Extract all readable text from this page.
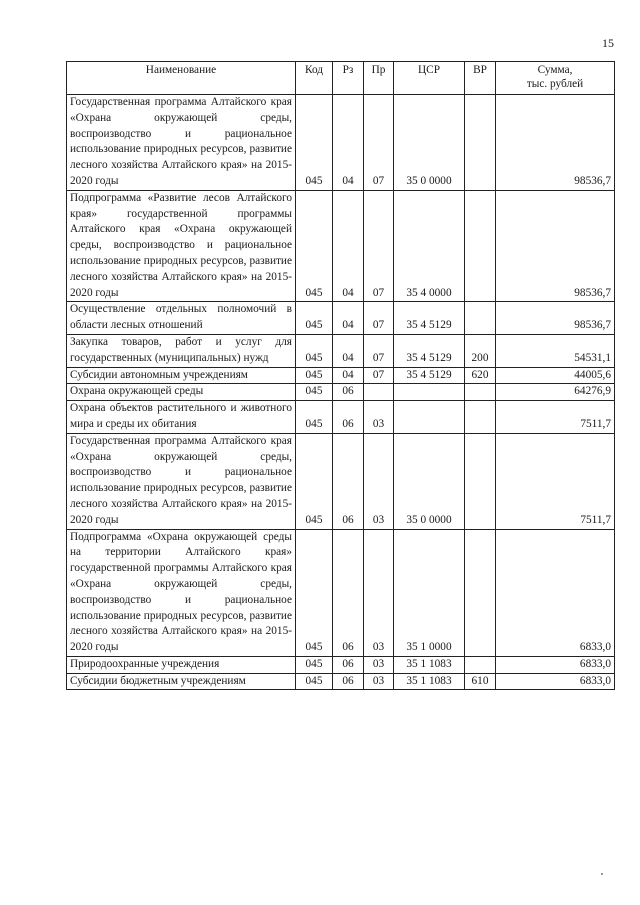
15
Наименование	Код	Рз	Пр	ЦСР	ВР	Сумма,
тыс. рублей
Государственная программа Алтайского края «Охрана окружающей среды, воспроизводство и рациональное использование природных ресурсов, развитие лесного хозяйства Алтайского края» на 2015-2020 годы	045	04	07	35 0 0000		98536,7
Подпрограмма «Развитие лесов Алтайского края» государственной программы Алтайского края «Охрана окружающей среды, воспроизводство и рациональное использование природных ресурсов, развитие лесного хозяйства Алтайского края» на 2015-2020 годы	045	04	07	35 4 0000		98536,7
Осуществление отдельных полномочий в области лесных отношений	045	04	07	35 4 5129		98536,7
Закупка товаров, работ и услуг для государственных (муниципальных) нужд	045	04	07	35 4 5129	200	54531,1
Субсидии автономным учреждениям	045	04	07	35 4 5129	620	44005,6
Охрана окружающей среды	045	06				64276,9
Охрана объектов растительного и животного мира и среды их обитания	045	06	03			7511,7
Государственная программа Алтайского края «Охрана окружающей среды, воспроизводство и рациональное использование природных ресурсов, развитие лесного хозяйства Алтайского края» на 2015-2020 годы	045	06	03	35 0 0000		7511,7
Подпрограмма «Охрана окружающей среды на территории Алтайского края» государственной программы Алтайского края «Охрана окружающей среды, воспроизводство и рациональное использование природных ресурсов, развитие лесного хозяйства Алтайского края» на 2015-2020 годы	045	06	03	35 1 0000		6833,0
Природоохранные учреждения	045	06	03	35 1 1083		6833,0
Субсидии бюджетным учреждениям	045	06	03	35 1 1083	610	6833,0
